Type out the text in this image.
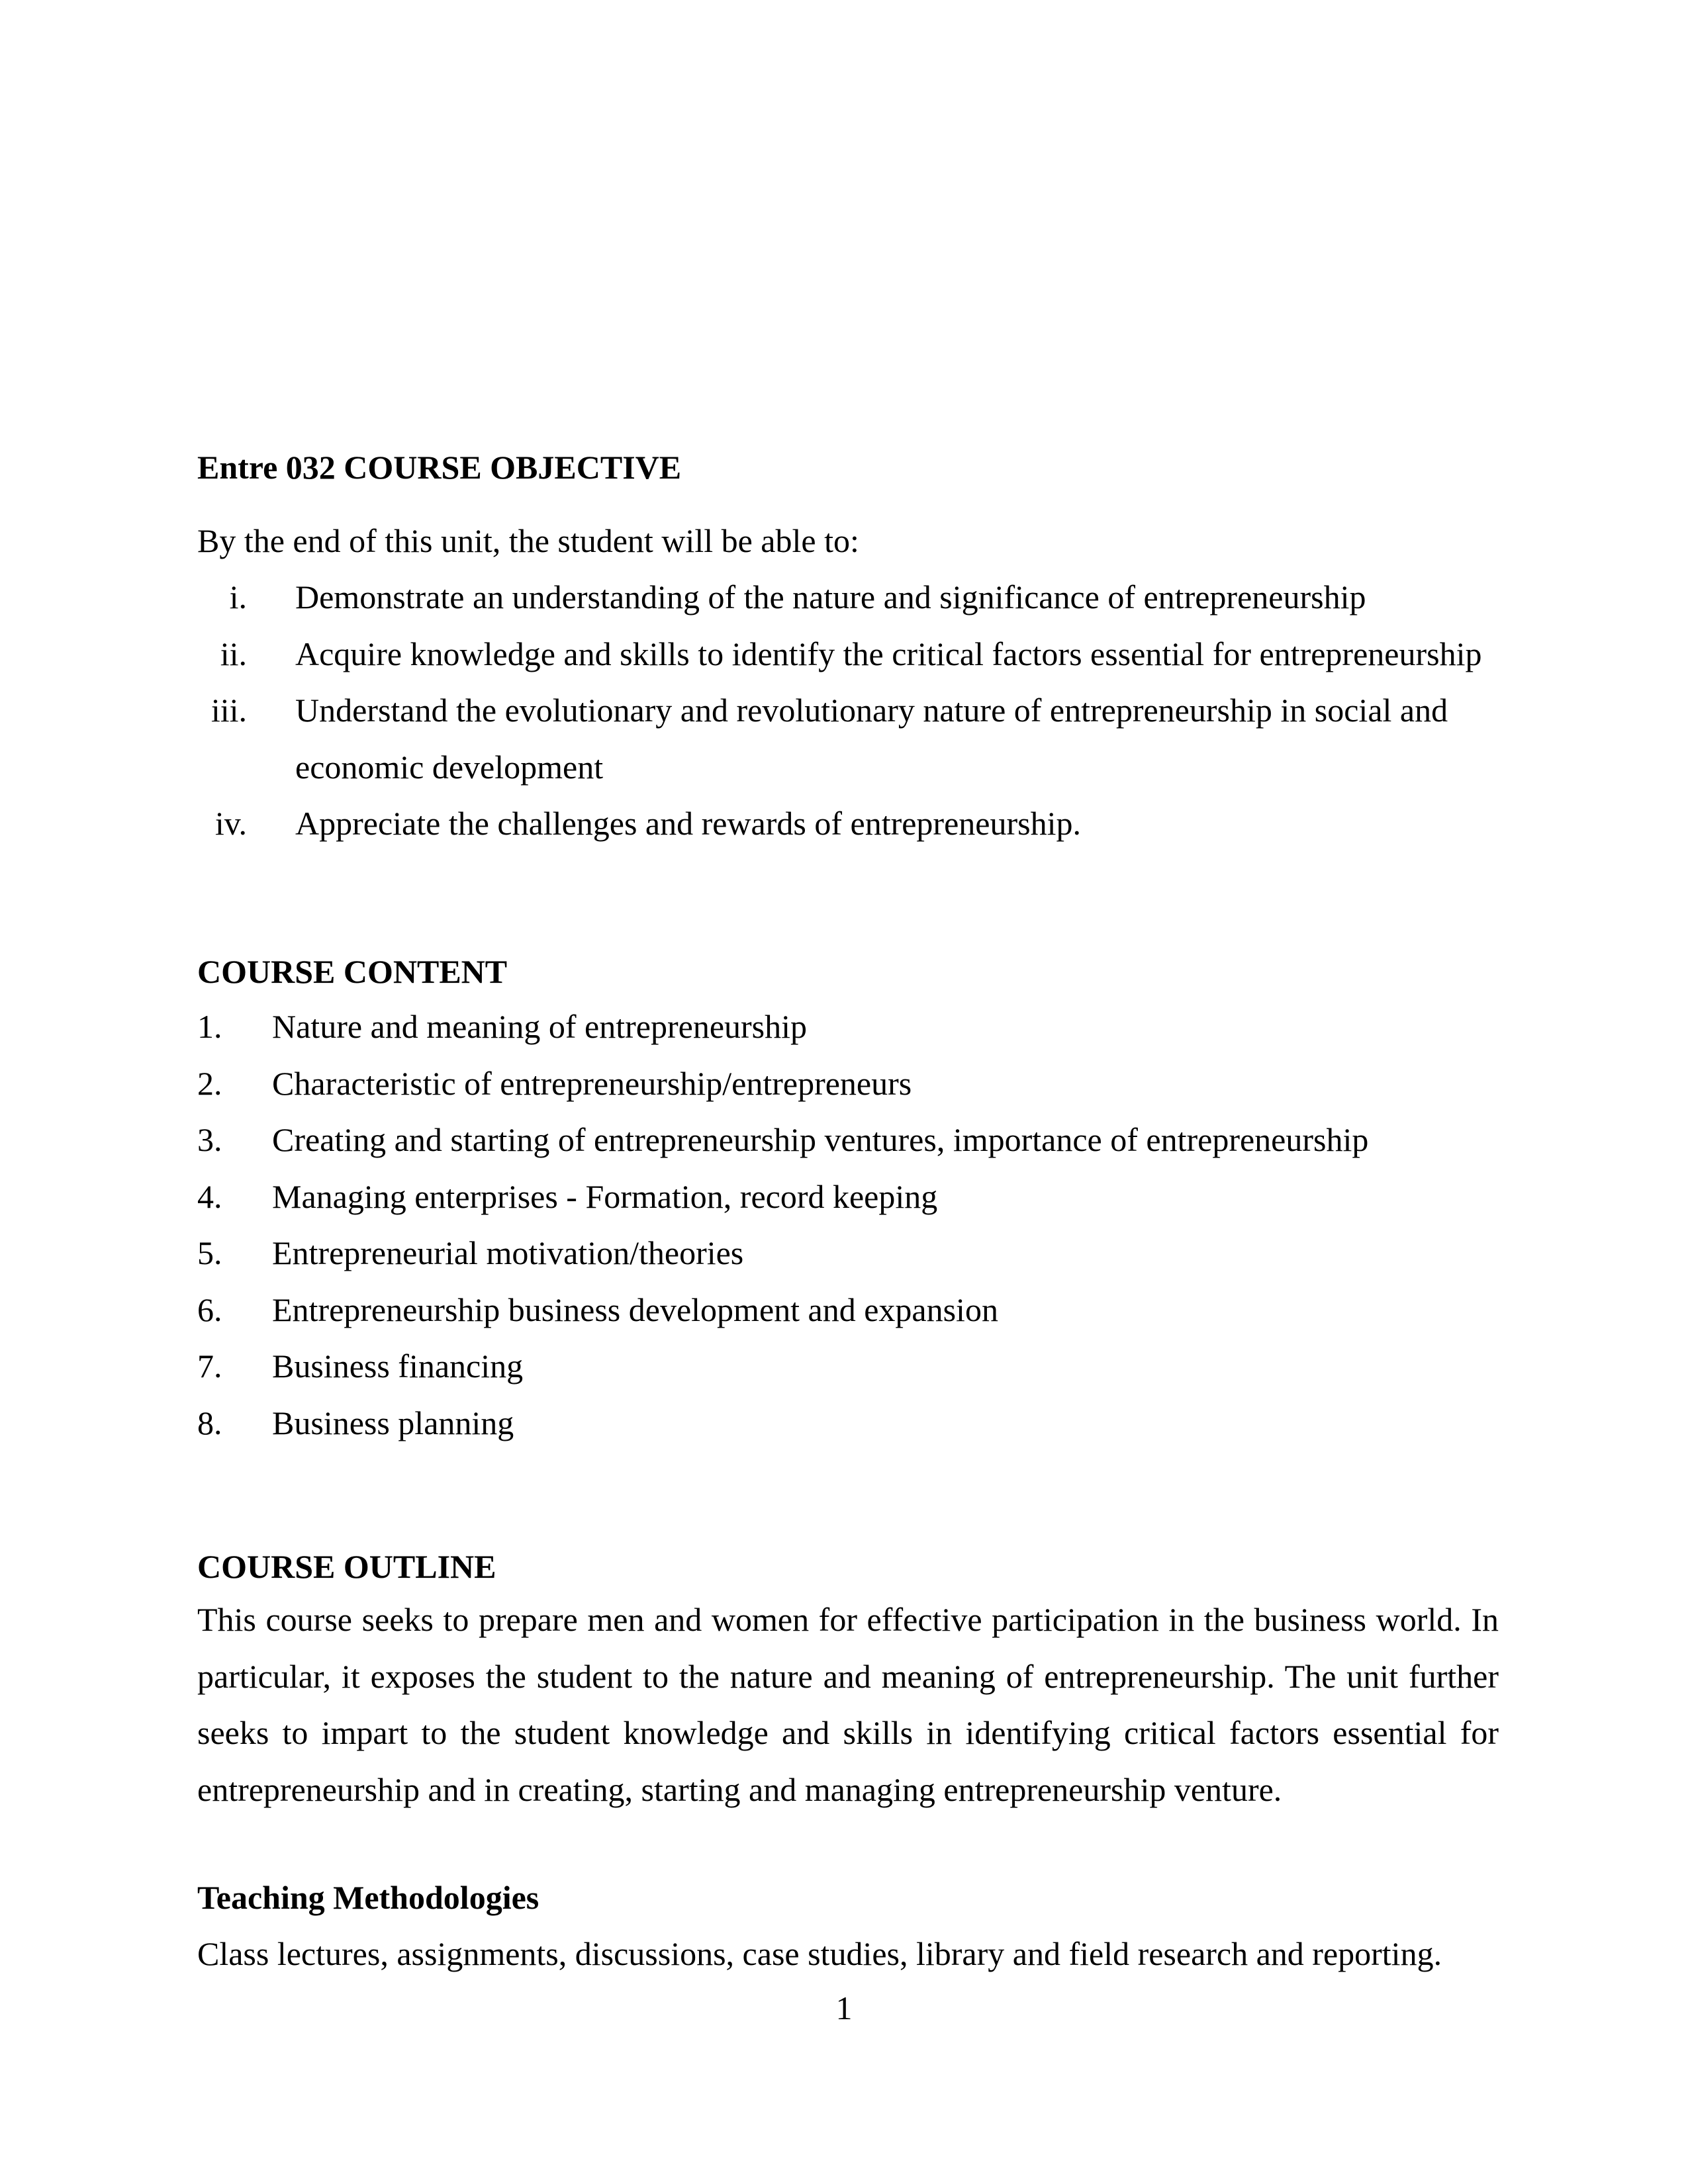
Entre 032 COURSE OBJECTIVE
By the end of this unit, the student will be able to:
i. Demonstrate an understanding of the nature and significance of entrepreneurship
ii. Acquire knowledge and skills to identify the critical factors essential for entrepreneurship
iii. Understand the evolutionary and revolutionary nature of entrepreneurship in social and
economic development
iv. Appreciate the challenges and rewards of entrepreneurship.
COURSE CONTENT
1. Nature and meaning of entrepreneurship
2. Characteristic of entrepreneurship/entrepreneurs
3. Creating and starting of entrepreneurship ventures, importance of entrepreneurship
4. Managing enterprises - Formation, record keeping
5. Entrepreneurial motivation/theories
6. Entrepreneurship business development and expansion
7. Business financing
8. Business planning
COURSE OUTLINE
This course seeks to prepare men and women for effective participation in the business world. In
particular, it exposes the student to the nature and meaning of entrepreneurship. The unit further
seeks to impart to the student knowledge and skills in identifying critical factors essential for
entrepreneurship and in creating, starting and managing entrepreneurship venture.
Teaching Methodologies
Class lectures, assignments, discussions, case studies, library and field research and reporting.
1
